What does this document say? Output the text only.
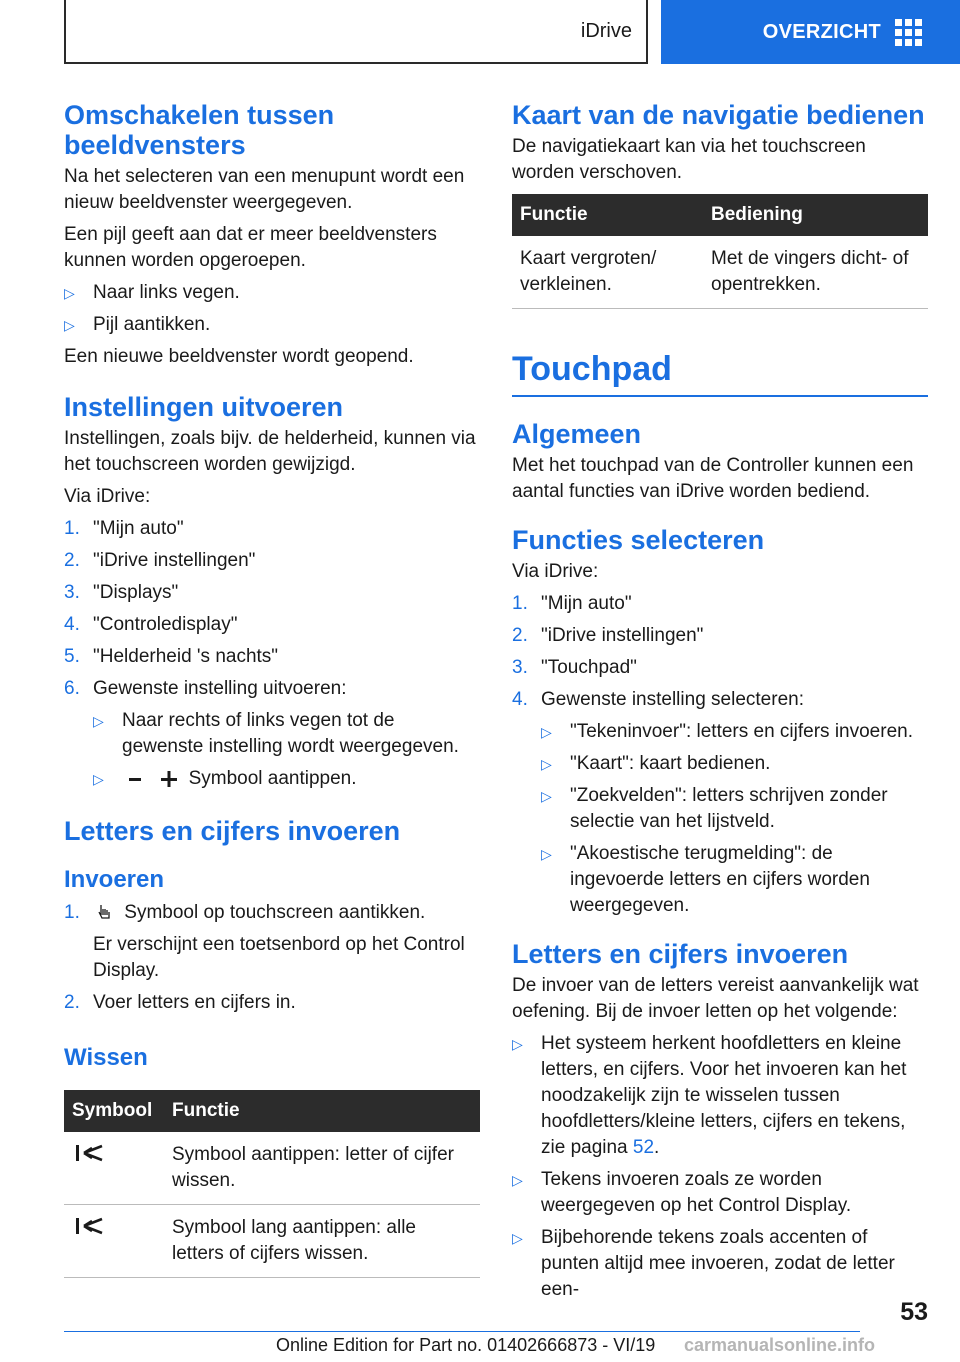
iDrive	OVERZICHT
Omschakelen tussen beeldvensters
Na het selecteren van een menupunt wordt een nieuw beeldvenster weergegeven.
Een pijl geeft aan dat er meer beeldvensters kunnen worden opgeroepen.
▷ Naar links vegen.
▷ Pijl aantikken.
Een nieuwe beeldvenster wordt geopend.
Instellingen uitvoeren
Instellingen, zoals bijv. de helderheid, kunnen via het touchscreen worden gewijzigd.
Via iDrive:
1. "Mijn auto"
2. "iDrive instellingen"
3. "Displays"
4. "Controledisplay"
5. "Helderheid 's nachts"
6. Gewenste instelling uitvoeren:
▷ Naar rechts of links vegen tot de gewenste instelling wordt weergegeven.
▷	Symbool aantippen.
Letters en cijfers invoeren
Invoeren
1.	Symbool op touchscreen aantikken.
Er verschijnt een toetsenbord op het Control Display.
2. Voer letters en cijfers in.
Wissen
Symbool	Functie
	Symbool aantippen: letter of cijfer wissen.
	Symbool lang aantippen: alle letters of cijfers wissen.
Kaart van de navigatie bedienen
De navigatiekaart kan via het touchscreen worden verschoven.
Functie	Bediening
Kaart vergroten/ verkleinen.	Met de vingers dicht- of opentrekken.
Touchpad
Algemeen
Met het touchpad van de Controller kunnen een aantal functies van iDrive worden bediend.
Functies selecteren
Via iDrive:
1. "Mijn auto"
2. "iDrive instellingen"
3. "Touchpad"
4. Gewenste instelling selecteren:
▷ "Tekeninvoer": letters en cijfers invoeren.
▷ "Kaart": kaart bedienen.
▷ "Zoekvelden": letters schrijven zonder selectie van het lijstveld.
▷ "Akoestische terugmelding": de ingevoerde letters en cijfers worden weergegeven.
Letters en cijfers invoeren
De invoer van de letters vereist aanvankelijk wat oefening. Bij de invoer letten op het volgende:
▷ Het systeem herkent hoofdletters en kleine letters, en cijfers. Voor het invoeren kan het noodzakelijk zijn te wisselen tussen hoofdletters/kleine letters, cijfers en tekens, zie pagina 52.
▷ Tekens invoeren zoals ze worden weergegeven op het Control Display.
▷ Bijbehorende tekens zoals accenten of punten altijd mee invoeren, zodat de letter een-
53
Online Edition for Part no. 01402666873 - VI/19 carmanualsonline.info
